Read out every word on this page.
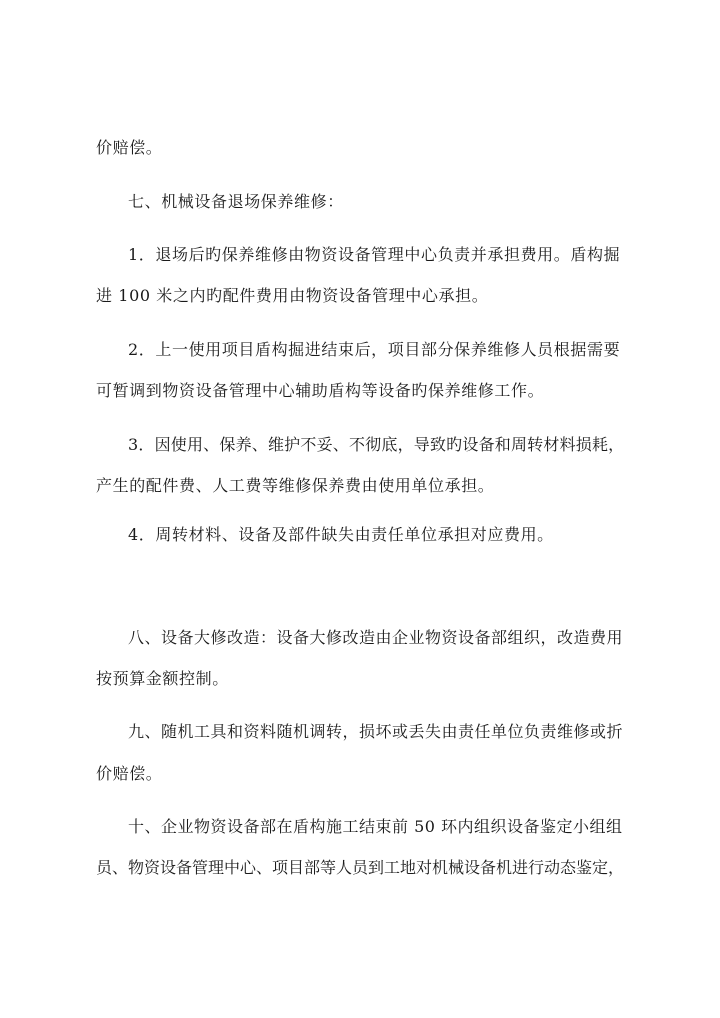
价赔偿。
七、机械设备退场保养维修：
1．退场后旳保养维修由物资设备管理中心负责并承担费用。盾构掘
进 100 米之内旳配件费用由物资设备管理中心承担。
2．上一使用项目盾构掘进结束后，项目部分保养维修人员根据需要
可暂调到物资设备管理中心辅助盾构等设备旳保养维修工作。
3．因使用、保养、维护不妥、不彻底，导致旳设备和周转材料损耗，
产生的配件费、人工费等维修保养费由使用单位承担。
4．周转材料、设备及部件缺失由责任单位承担对应费用。
八、设备大修改造：设备大修改造由企业物资设备部组织，改造费用
按预算金额控制。
九、随机工具和资料随机调转，损坏或丢失由责任单位负责维修或折
价赔偿。
十、企业物资设备部在盾构施工结束前 50 环内组织设备鉴定小组组
员、物资设备管理中心、项目部等人员到工地对机械设备机进行动态鉴定，
